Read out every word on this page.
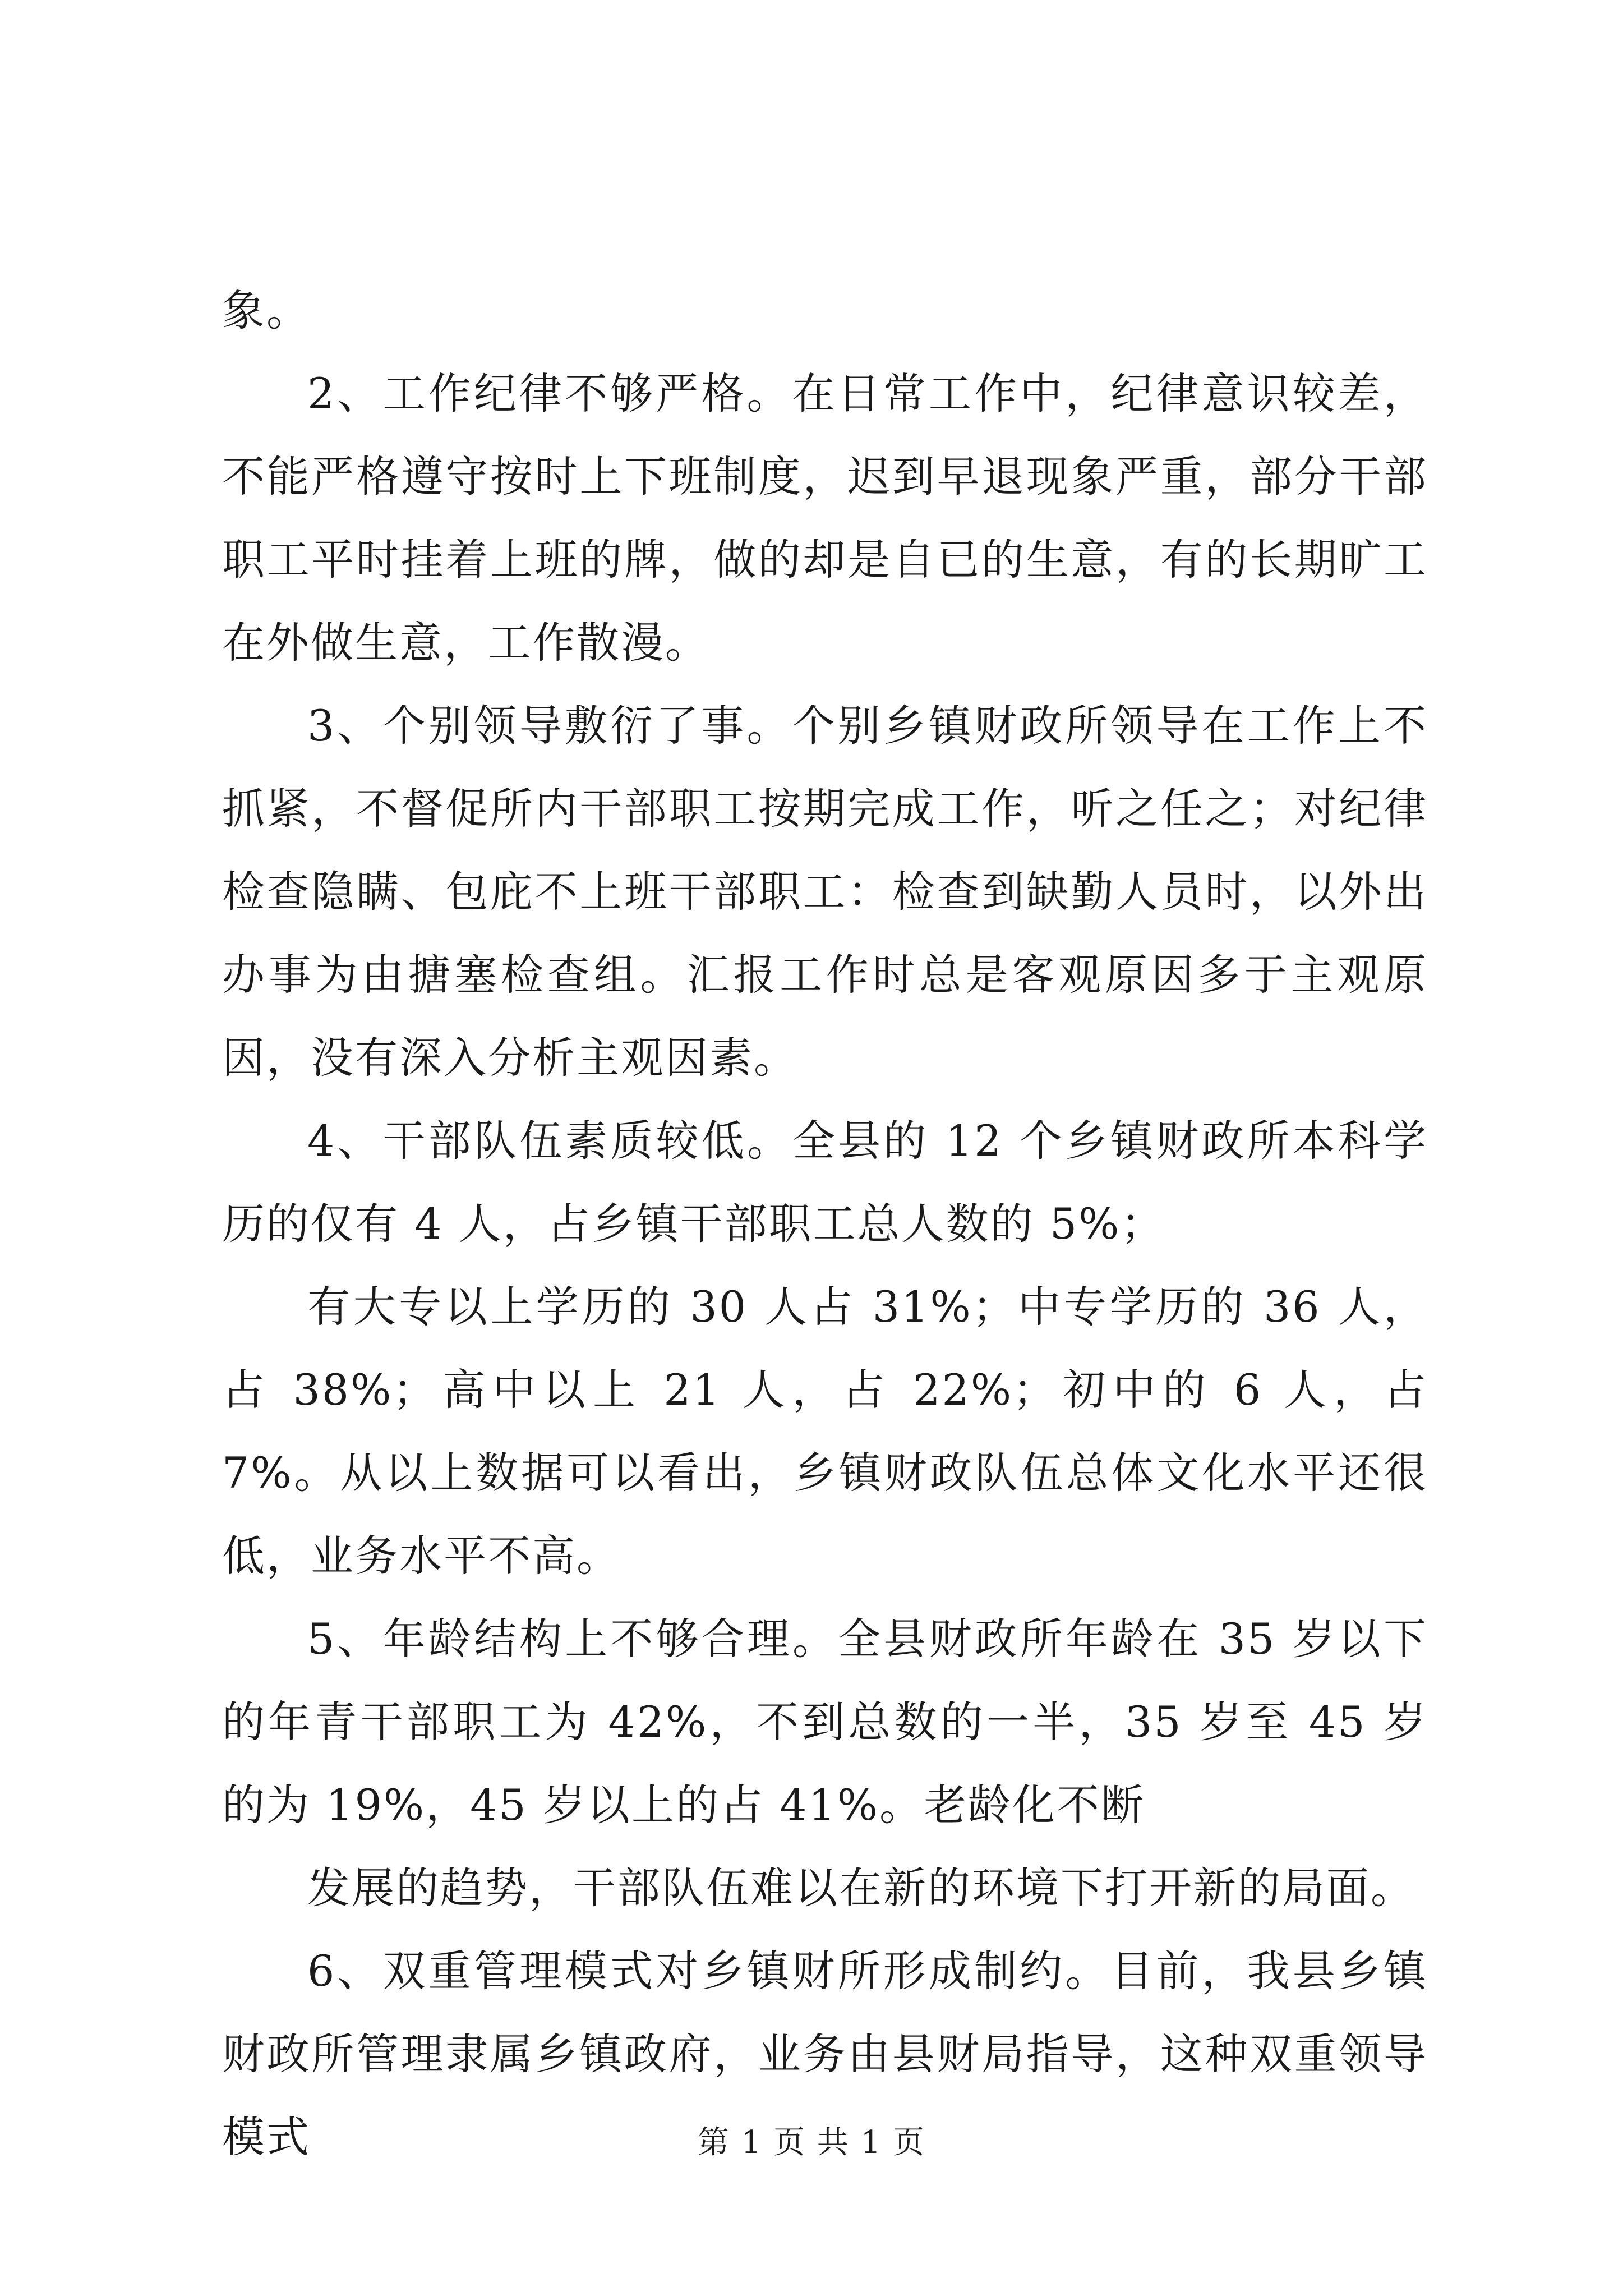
象。

2、工作纪律不够严格。在日常工作中，纪律意识较差，不能严格遵守按时上下班制度，迟到早退现象严重，部分干部职工平时挂着上班的牌，做的却是自已的生意，有的长期旷工在外做生意，工作散漫。

3、个别领导敷衍了事。个别乡镇财政所领导在工作上不抓紧，不督促所内干部职工按期完成工作，听之任之；对纪律检查隐瞒、包庇不上班干部职工：检查到缺勤人员时，以外出办事为由搪塞检查组。汇报工作时总是客观原因多于主观原因，没有深入分析主观因素。

4、干部队伍素质较低。全县的 12 个乡镇财政所本科学历的仅有 4 人，占乡镇干部职工总人数的 5%；

有大专以上学历的 30 人占 31%；中专学历的 36 人，占 38%；高中以上 21 人，占 22%；初中的 6 人，占 7%。从以上数据可以看出，乡镇财政队伍总体文化水平还很低，业务水平不高。

5、年龄结构上不够合理。全县财政所年龄在 35 岁以下的年青干部职工为 42%，不到总数的一半，35 岁至 45 岁的为 19%，45 岁以上的占 41%。老龄化不断

发展的趋势，干部队伍难以在新的环境下打开新的局面。

6、双重管理模式对乡镇财所形成制约。目前，我县乡镇财政所管理隶属乡镇政府，业务由县财局指导，这种双重领导模式	第 1 页 共 1 页
